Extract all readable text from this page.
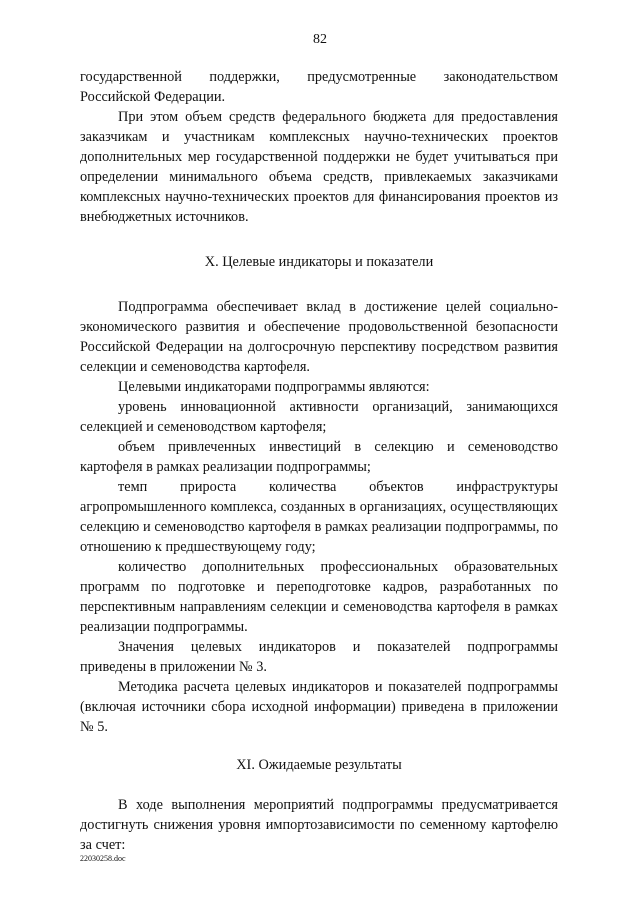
82

государственной поддержки, предусмотренные законодательством Российской Федерации.

При этом объем средств федерального бюджета для предоставления заказчикам и участникам комплексных научно-технических проектов дополнительных мер государственной поддержки не будет учитываться при определении минимального объема средств, привлекаемых заказчиками комплексных научно-технических проектов для финансирования проектов из внебюджетных источников.

X. Целевые индикаторы и показатели

Подпрограмма обеспечивает вклад в достижение целей социально-экономического развития и обеспечение продовольственной безопасности Российской Федерации на долгосрочную перспективу посредством развития селекции и семеноводства картофеля.

Целевыми индикаторами подпрограммы являются:

уровень инновационной активности организаций, занимающихся селекцией и семеноводством картофеля;

объем привлеченных инвестиций в селекцию и семеноводство картофеля в рамках реализации подпрограммы;

темп прироста количества объектов инфраструктуры агропромышленного комплекса, созданных в организациях, осуществляющих селекцию и семеноводство картофеля в рамках реализации подпрограммы, по отношению к предшествующему году;

количество дополнительных профессиональных образовательных программ по подготовке и переподготовке кадров, разработанных по перспективным направлениям селекции и семеноводства картофеля в рамках реализации подпрограммы.

Значения целевых индикаторов и показателей подпрограммы приведены в приложении № 3.

Методика расчета целевых индикаторов и показателей подпрограммы (включая источники сбора исходной информации) приведена в приложении № 5.

XI. Ожидаемые результаты

В ходе выполнения мероприятий подпрограммы предусматривается достигнуть снижения уровня импортозависимости по семенному картофелю за счет:

22030258.doc
